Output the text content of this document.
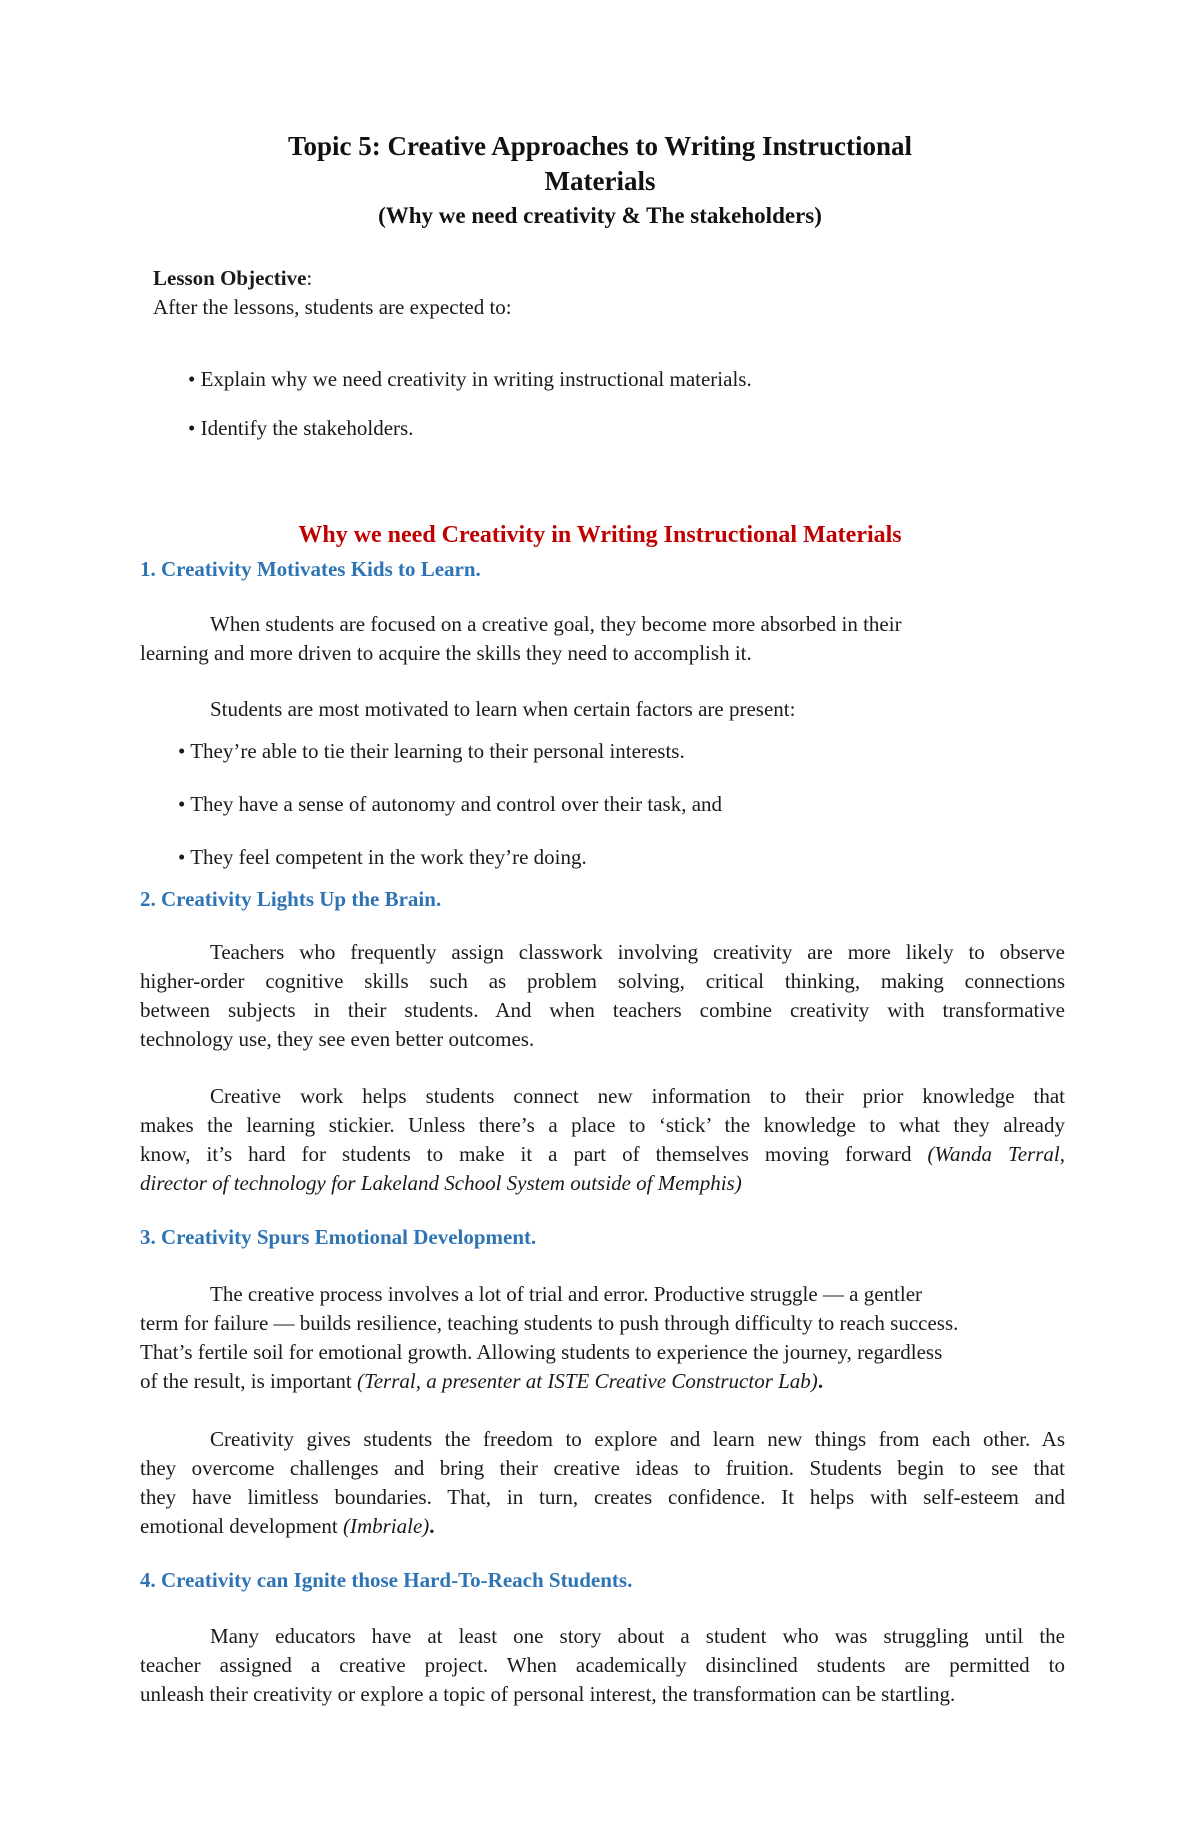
Topic 5: Creative Approaches to Writing Instructional
Materials
(Why we need creativity & The stakeholders)
Lesson Objective:
After the lessons, students are expected to:
• Explain why we need creativity in writing instructional materials.
• Identify the stakeholders.
Why we need Creativity in Writing Instructional Materials
1. Creativity Motivates Kids to Learn.
When students are focused on a creative goal, they become more absorbed in their
learning and more driven to acquire the skills they need to accomplish it.
Students are most motivated to learn when certain factors are present:
• They’re able to tie their learning to their personal interests.
• They have a sense of autonomy and control over their task, and
• They feel competent in the work they’re doing.
2. Creativity Lights Up the Brain.
Teachers who frequently assign classwork involving creativity are more likely to observe
higher-order cognitive skills such as problem solving, critical thinking, making connections
between subjects in their students. And when teachers combine creativity with transformative
technology use, they see even better outcomes.
Creative work helps students connect new information to their prior knowledge that
makes the learning stickier. Unless there’s a place to ‘stick’ the knowledge to what they already
know, it’s hard for students to make it a part of themselves moving forward (Wanda Terral,
director of technology for Lakeland School System outside of Memphis)
3. Creativity Spurs Emotional Development.
The creative process involves a lot of trial and error. Productive struggle — a gentler
term for failure — builds resilience, teaching students to push through difficulty to reach success.
That’s fertile soil for emotional growth. Allowing students to experience the journey, regardless
of the result, is important (Terral, a presenter at ISTE Creative Constructor Lab).
Creativity gives students the freedom to explore and learn new things from each other. As
they overcome challenges and bring their creative ideas to fruition. Students begin to see that
they have limitless boundaries. That, in turn, creates confidence. It helps with self-esteem and
emotional development (Imbriale).
4. Creativity can Ignite those Hard-To-Reach Students.
Many educators have at least one story about a student who was struggling until the
teacher assigned a creative project. When academically disinclined students are permitted to
unleash their creativity or explore a topic of personal interest, the transformation can be startling.
